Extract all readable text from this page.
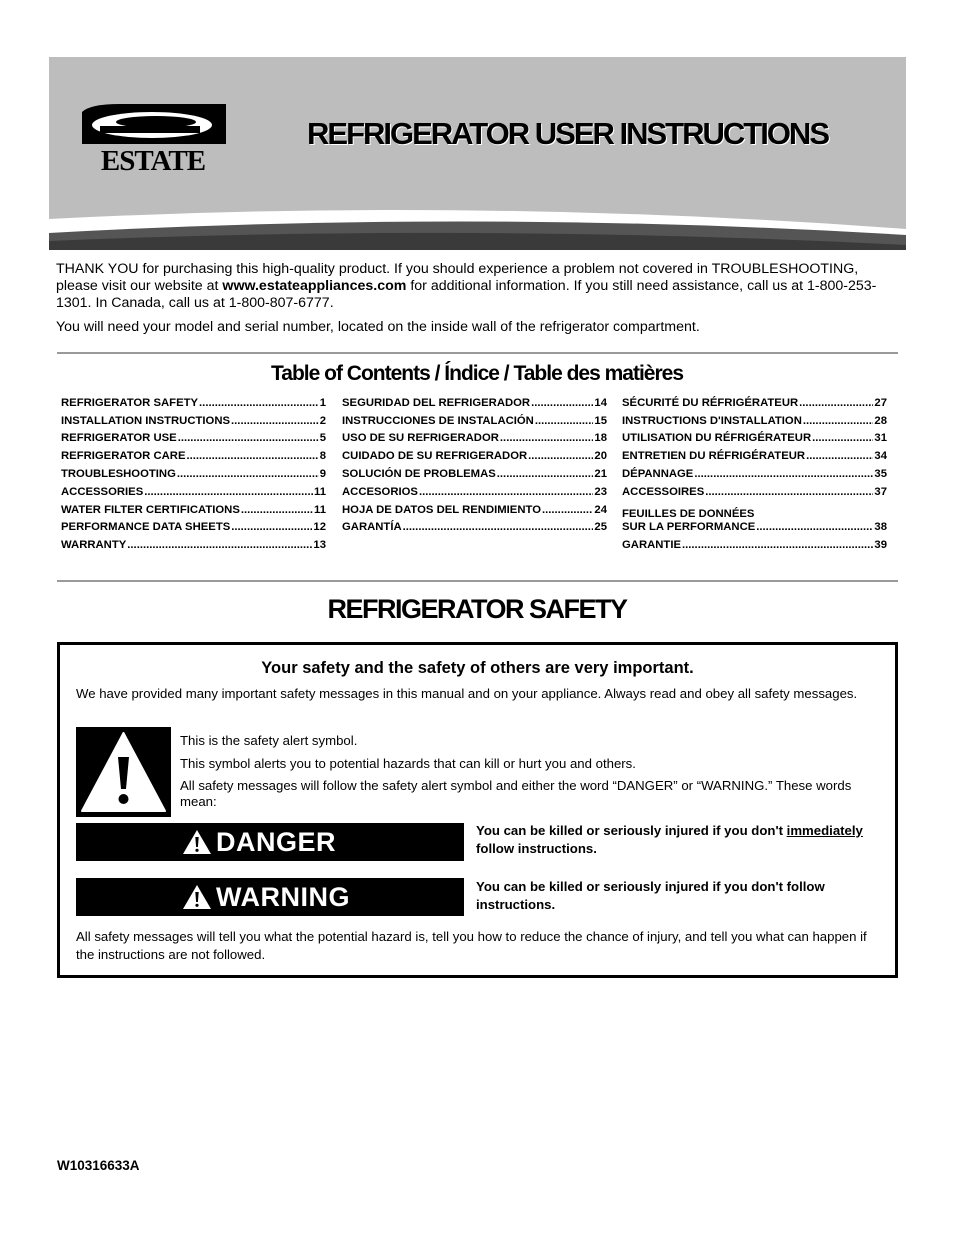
ESTATE
REFRIGERATOR USER INSTRUCTIONS

THANK YOU for purchasing this high-quality product. If you should experience a problem not covered in TROUBLESHOOTING, please visit our website at www.estateappliances.com for additional information. If you still need assistance, call us at 1-800-253-1301. In Canada, call us at 1-800-807-6777.

You will need your model and serial number, located on the inside wall of the refrigerator compartment.

Table of Contents / Índice / Table des matières
REFRIGERATOR SAFETY .....	1
INSTALLATION INSTRUCTIONS .....	2
REFRIGERATOR USE .....	5
REFRIGERATOR CARE .....	8
TROUBLESHOOTING .....	9
ACCESSORIES .....	11
WATER FILTER CERTIFICATIONS .....	11
PERFORMANCE DATA SHEETS .....	12
WARRANTY .....	13
SEGURIDAD DEL REFRIGERADOR .....	14
INSTRUCCIONES DE INSTALACIÓN .....	15
USO DE SU REFRIGERADOR .....	18
CUIDADO DE SU REFRIGERADOR .....	20
SOLUCIÓN DE PROBLEMAS .....	21
ACCESORIOS .....	23
HOJA DE DATOS DEL RENDIMIENTO .....	24
GARANTÍA .....	25
SÉCURITÉ DU RÉFRIGÉRATEUR .....	27
INSTRUCTIONS D'INSTALLATION .....	28
UTILISATION DU RÉFRIGÉRATEUR .....	31
ENTRETIEN DU RÉFRIGÉRATEUR .....	34
DÉPANNAGE .....	35
ACCESSOIRES .....	37
FEUILLES DE DONNÉES
SUR LA PERFORMANCE .....	38
GARANTIE .....	39
REFRIGERATOR SAFETY
Your safety and the safety of others are very important.
We have provided many important safety messages in this manual and on your appliance. Always read and obey all safety messages.

This is the safety alert symbol.

This symbol alerts you to potential hazards that can kill or hurt you and others.

All safety messages will follow the safety alert symbol and either the word “DANGER” or “WARNING.” These words mean:

DANGER	You can be killed or seriously injured if you don't immediately follow instructions.
WARNING	You can be killed or seriously injured if you don't follow instructions.
All safety messages will tell you what the potential hazard is, tell you how to reduce the chance of injury, and tell you what can happen if the instructions are not followed.
W10316633A
